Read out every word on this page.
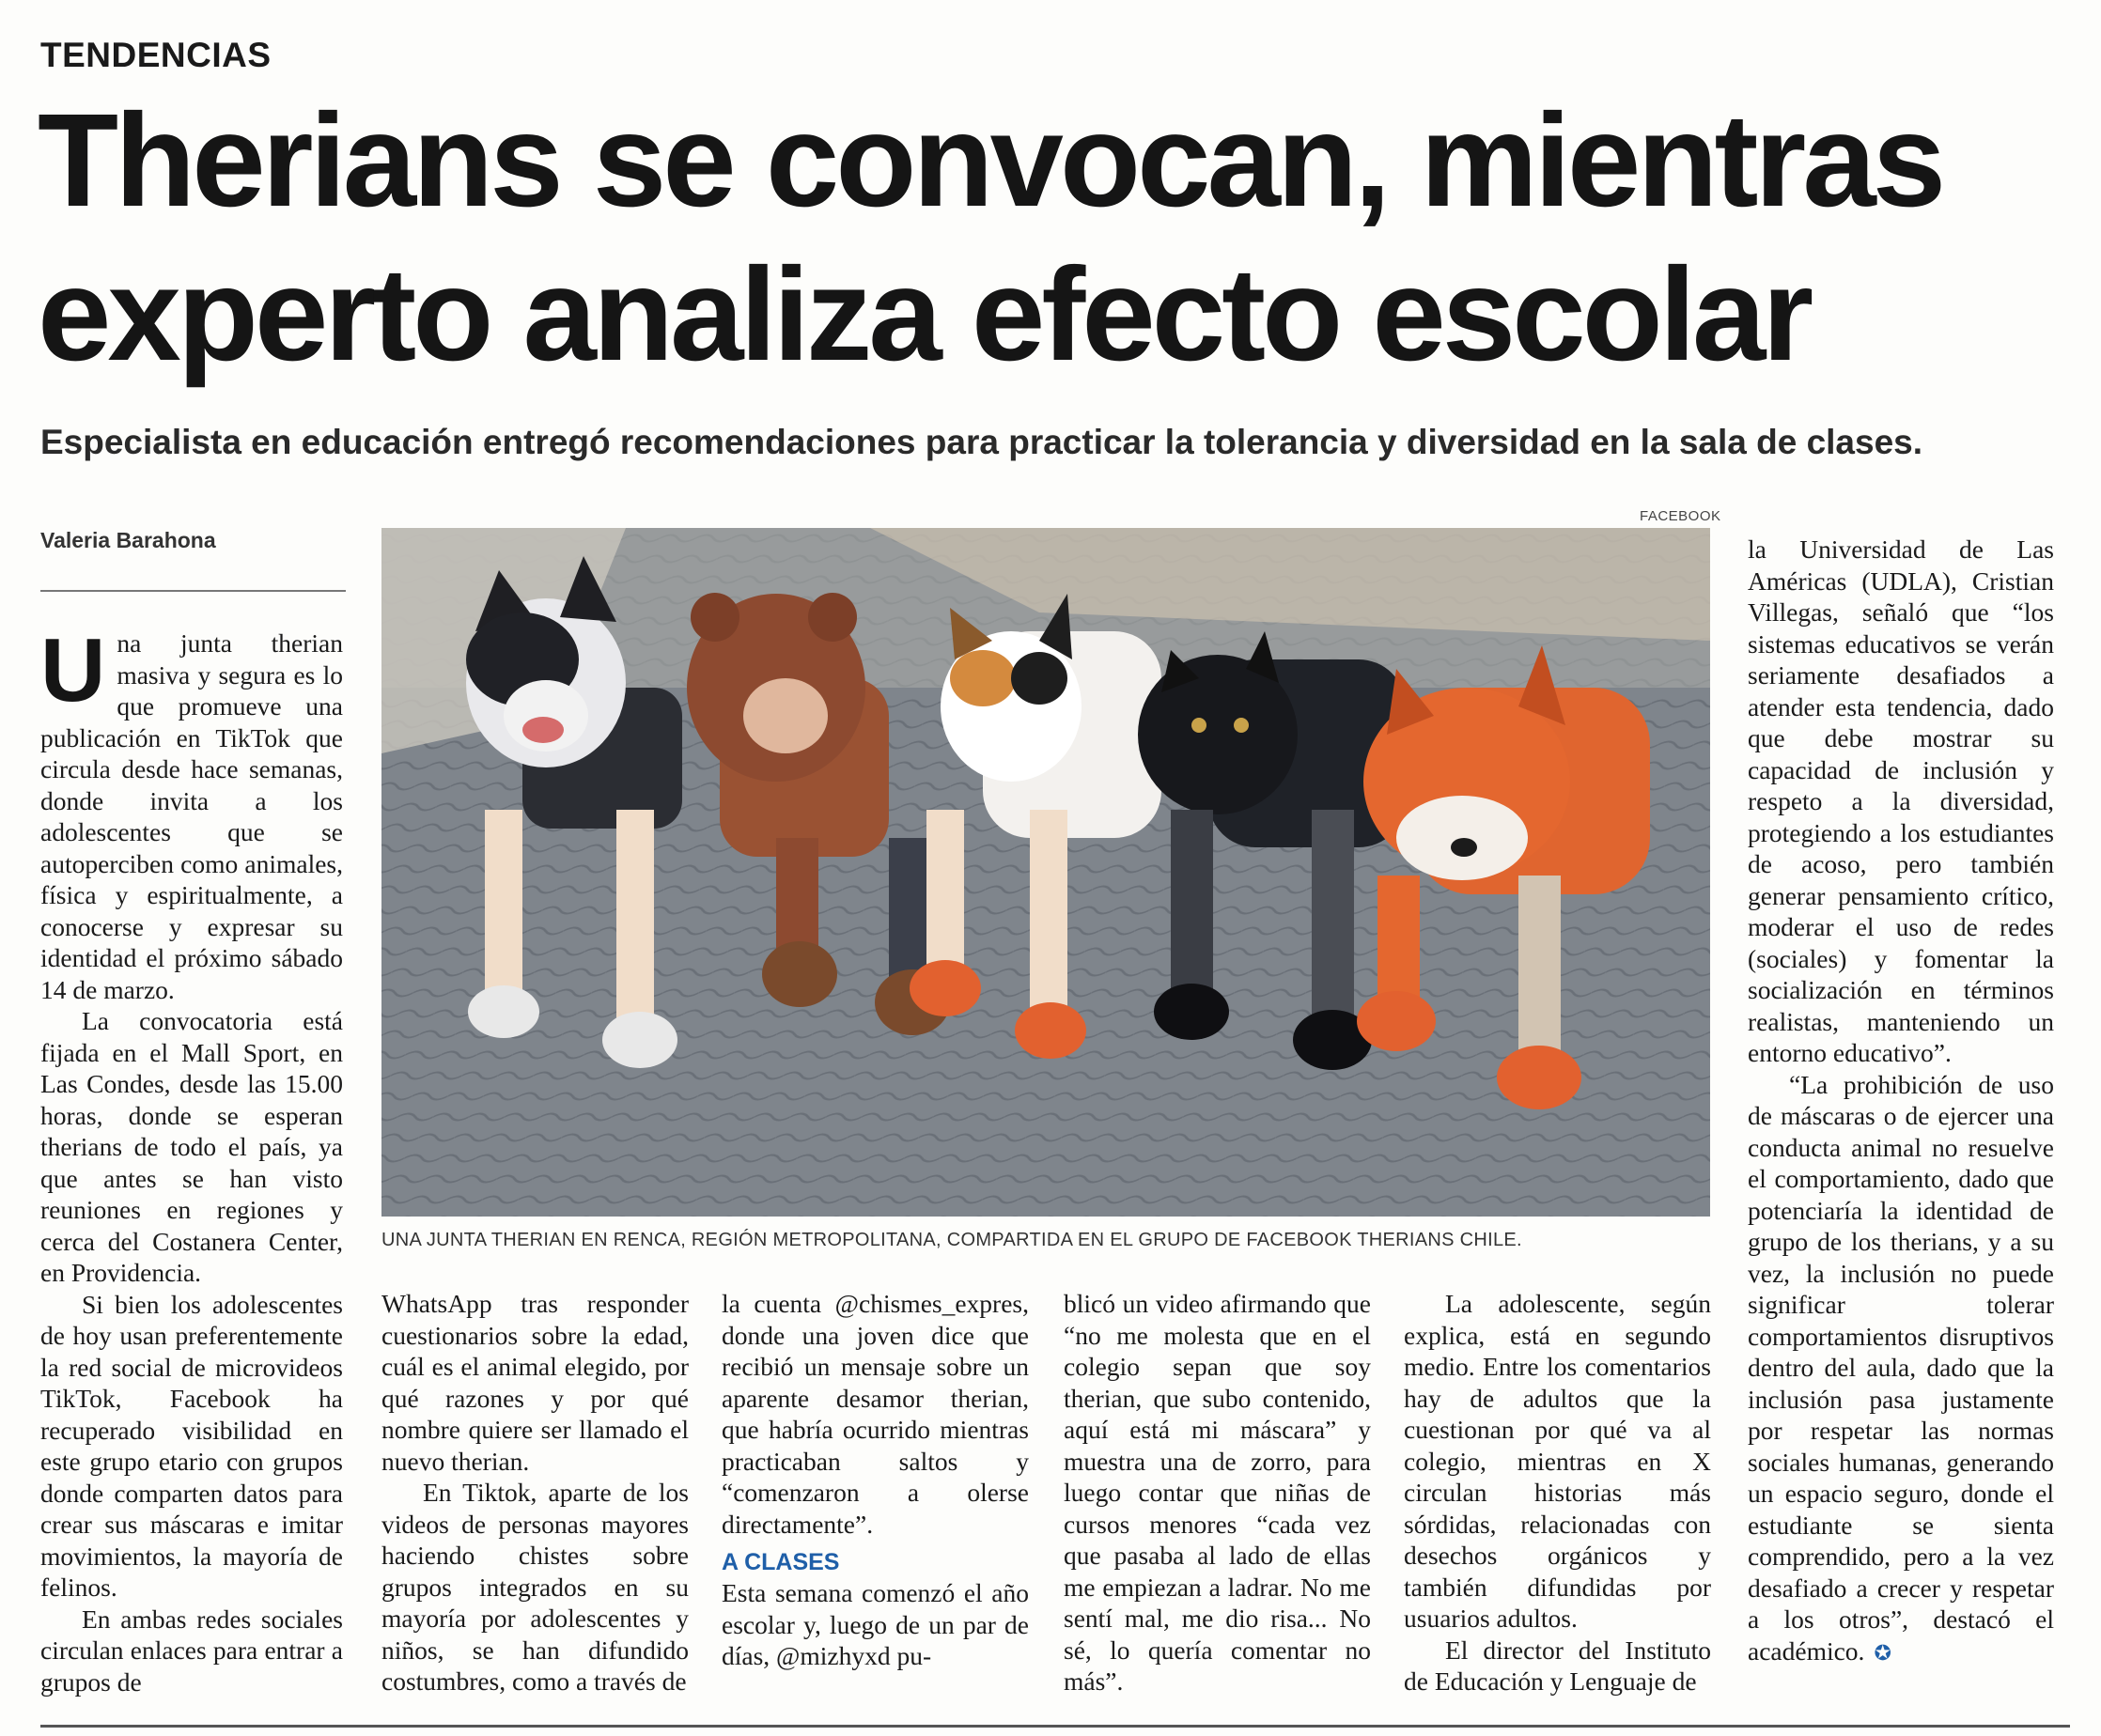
TENDENCIAS
Therians se convocan, mientras
experto analiza efecto escolar
Especialista en educación entregó recomendaciones para practicar la tolerancia y diversidad en la sala de clases.
Valeria Barahona
FACEBOOK
UNA JUNTA THERIAN EN RENCA, REGIÓN METROPOLITANA, COMPARTIDA EN EL GRUPO DE FACEBOOK THERIANS CHILE.

Una junta therian masiva y segura es lo que promueve una publicación en TikTok que circula desde hace semanas, donde invita a los adolescentes que se autoperciben como animales, física y espiritualmente, a conocerse y expresar su identidad el próximo sábado 14 de marzo.

La convocatoria está fijada en el Mall Sport, en Las Condes, desde las 15.00 horas, donde se esperan therians de todo el país, ya que antes se han visto reuniones en regiones y cerca del Costanera Center, en Providencia.

Si bien los adolescentes de hoy usan preferentemente la red social de microvideos TikTok, Facebook ha recuperado visibilidad en este grupo etario con grupos donde comparten datos para crear sus máscaras e imitar movimientos, la mayoría de felinos.

En ambas redes sociales circulan enlaces para entrar a grupos de

WhatsApp tras responder cuestionarios sobre la edad, cuál es el animal elegido, por qué razones y por qué nombre quiere ser llamado el nuevo therian.

En Tiktok, aparte de los videos de personas mayores haciendo chistes sobre grupos integrados en su mayoría por adolescentes y niños, se han difundido costumbres, como a través de

la cuenta @chismes_expres, donde una joven dice que recibió un mensaje sobre un aparente desamor therian, que habría ocurrido mientras practicaban saltos y “comenzaron a olerse directamente”.

A CLASES

Esta semana comenzó el año escolar y, luego de un par de días, @mizhyxd pu-

blicó un video afirmando que “no me molesta que en el colegio sepan que soy therian, que subo contenido, aquí está mi máscara” y muestra una de zorro, para luego contar que niñas de cursos menores “cada vez que pasaba al lado de ellas me empiezan a ladrar. No me sentí mal, me dio risa... No sé, lo quería comentar no más”.

La adolescente, según explica, está en segundo medio. Entre los comentarios hay de adultos que la cuestionan por qué va al colegio, mientras en X circulan historias más sórdidas, relacionadas con desechos orgánicos y también difundidas por usuarios adultos.

El director del Instituto de Educación y Lenguaje de

la Universidad de Las Américas (UDLA), Cristian Villegas, señaló que “los sistemas educativos se verán seriamente desafiados a atender esta tendencia, dado que debe mostrar su capacidad de inclusión y respeto a la diversidad, protegiendo a los estudiantes de acoso, pero también generar pensamiento crítico, moderar el uso de redes (sociales) y fomentar la socialización en términos realistas, manteniendo un entorno educativo”.

“La prohibición de uso de máscaras o de ejercer una conducta animal no resuelve el comportamiento, dado que potenciaría la identidad de grupo de los therians, y a su vez, la inclusión no puede significar tolerar comportamientos disruptivos dentro del aula, dado que la inclusión pasa justamente por respetar las normas sociales humanas, generando un espacio seguro, donde el estudiante se sienta comprendido, pero a la vez desafiado a crecer y respetar a los otros”, destacó el académico. ✪
